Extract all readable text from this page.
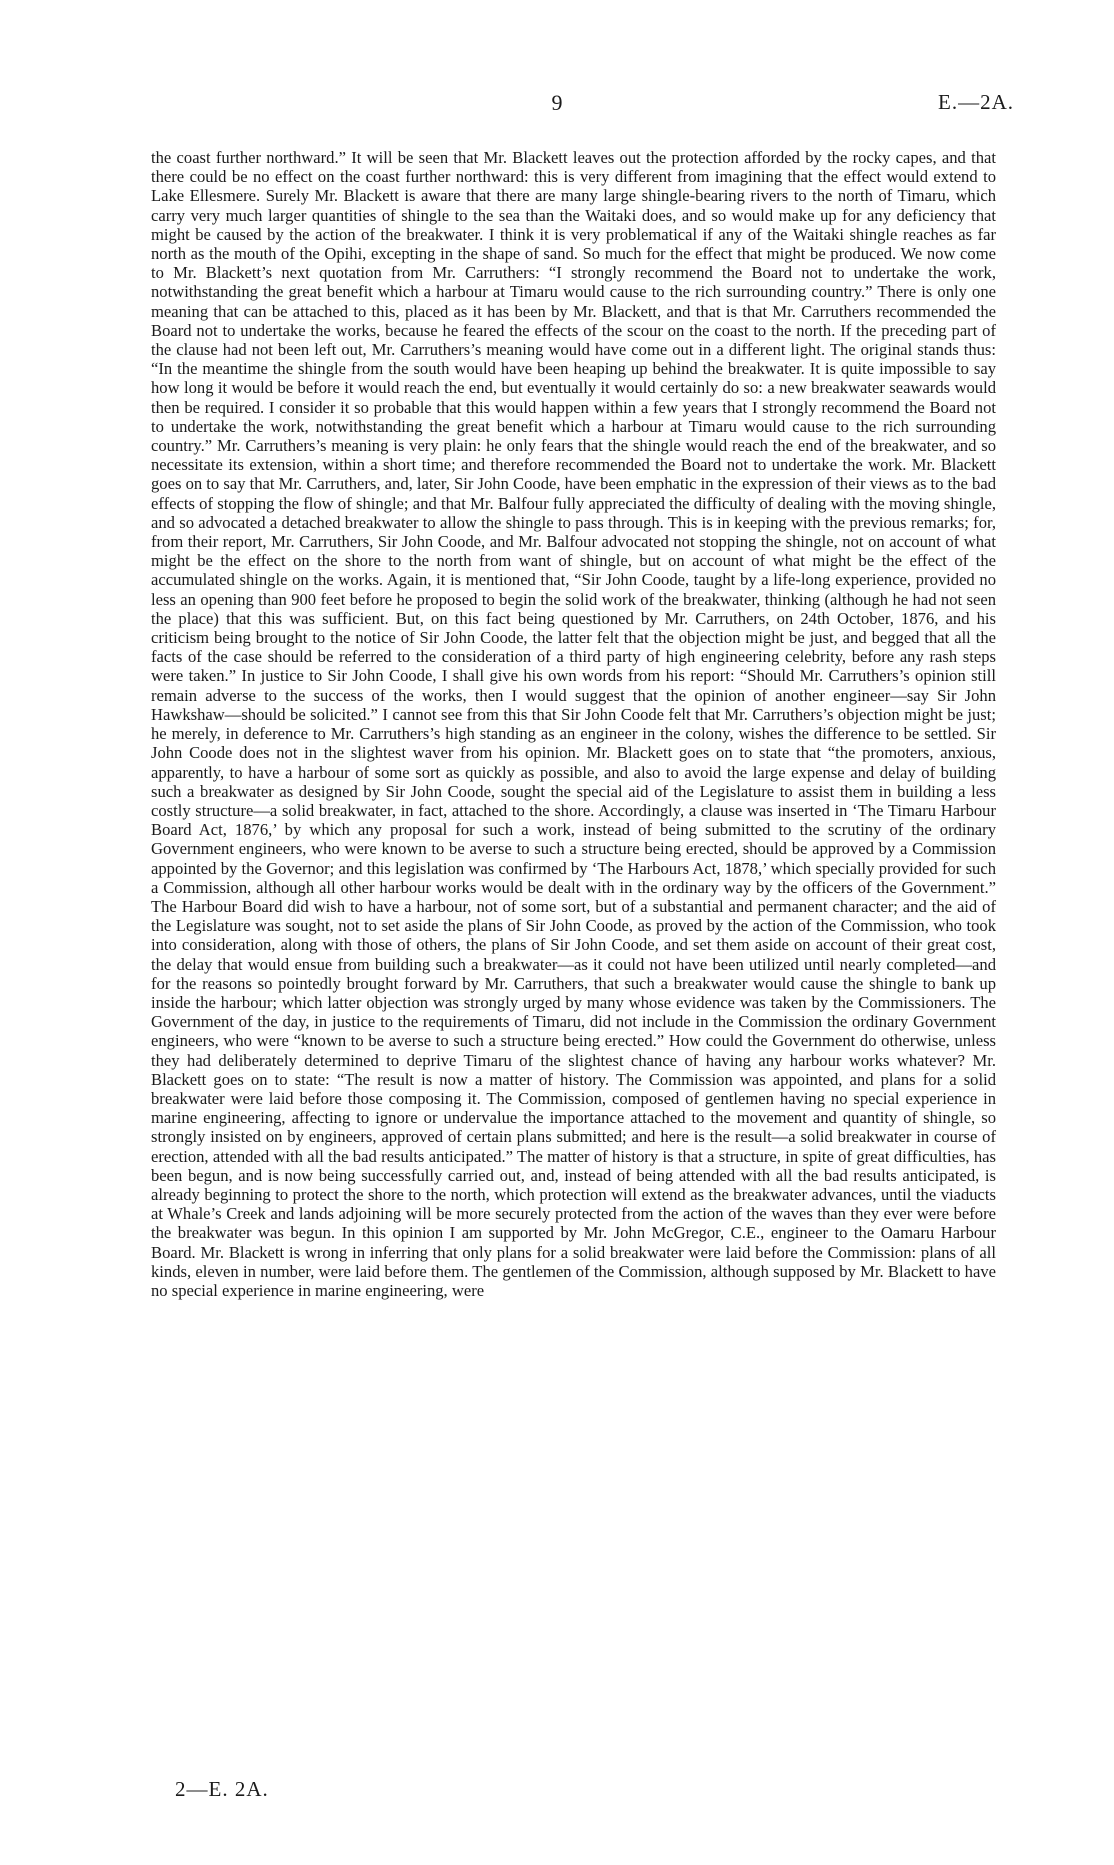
9	E.—2A.
the coast further northward.” It will be seen that Mr. Blackett leaves out the protection afforded by the rocky capes, and that there could be no effect on the coast further northward: this is very different from imagining that the effect would extend to Lake Ellesmere. Surely Mr. Blackett is aware that there are many large shingle-bearing rivers to the north of Timaru, which carry very much larger quantities of shingle to the sea than the Waitaki does, and so would make up for any deficiency that might be caused by the action of the breakwater. I think it is very problematical if any of the Waitaki shingle reaches as far north as the mouth of the Opihi, excepting in the shape of sand. So much for the effect that might be produced. We now come to Mr. Blackett’s next quotation from Mr. Carruthers: “I strongly recommend the Board not to undertake the work, notwithstanding the great benefit which a harbour at Timaru would cause to the rich surrounding country.” There is only one meaning that can be attached to this, placed as it has been by Mr. Blackett, and that is that Mr. Carruthers recommended the Board not to undertake the works, because he feared the effects of the scour on the coast to the north. If the preceding part of the clause had not been left out, Mr. Carruthers’s meaning would have come out in a different light. The original stands thus: “In the meantime the shingle from the south would have been heaping up behind the breakwater. It is quite impossible to say how long it would be before it would reach the end, but eventually it would certainly do so: a new breakwater seawards would then be required. I consider it so probable that this would happen within a few years that I strongly recommend the Board not to undertake the work, notwithstanding the great benefit which a harbour at Timaru would cause to the rich surrounding country.” Mr. Carruthers’s meaning is very plain: he only fears that the shingle would reach the end of the breakwater, and so necessitate its extension, within a short time; and therefore recommended the Board not to undertake the work. Mr. Blackett goes on to say that Mr. Carruthers, and, later, Sir John Coode, have been emphatic in the expression of their views as to the bad effects of stopping the flow of shingle; and that Mr. Balfour fully appreciated the difficulty of dealing with the moving shingle, and so advocated a detached breakwater to allow the shingle to pass through. This is in keeping with the previous remarks; for, from their report, Mr. Carruthers, Sir John Coode, and Mr. Balfour advocated not stopping the shingle, not on account of what might be the effect on the shore to the north from want of shingle, but on account of what might be the effect of the accumulated shingle on the works. Again, it is mentioned that, “Sir John Coode, taught by a life-long experience, provided no less an opening than 900 feet before he proposed to begin the solid work of the breakwater, thinking (although he had not seen the place) that this was sufficient. But, on this fact being questioned by Mr. Carruthers, on 24th October, 1876, and his criticism being brought to the notice of Sir John Coode, the latter felt that the objection might be just, and begged that all the facts of the case should be referred to the consideration of a third party of high engineering celebrity, before any rash steps were taken.” In justice to Sir John Coode, I shall give his own words from his report: “Should Mr. Carruthers’s opinion still remain adverse to the success of the works, then I would suggest that the opinion of another engineer—say Sir John Hawkshaw—should be solicited.” I cannot see from this that Sir John Coode felt that Mr. Carruthers’s objection might be just; he merely, in deference to Mr. Carruthers’s high standing as an engineer in the colony, wishes the difference to be settled. Sir John Coode does not in the slightest waver from his opinion. Mr. Blackett goes on to state that “the promoters, anxious, apparently, to have a harbour of some sort as quickly as possible, and also to avoid the large expense and delay of building such a breakwater as designed by Sir John Coode, sought the special aid of the Legislature to assist them in building a less costly structure—a solid breakwater, in fact, attached to the shore. Accordingly, a clause was inserted in ‘The Timaru Harbour Board Act, 1876,’ by which any proposal for such a work, instead of being submitted to the scrutiny of the ordinary Government engineers, who were known to be averse to such a structure being erected, should be approved by a Commission appointed by the Governor; and this legislation was confirmed by ‘The Harbours Act, 1878,’ which specially provided for such a Commission, although all other harbour works would be dealt with in the ordinary way by the officers of the Government.” The Harbour Board did wish to have a harbour, not of some sort, but of a substantial and permanent character; and the aid of the Legislature was sought, not to set aside the plans of Sir John Coode, as proved by the action of the Commission, who took into consideration, along with those of others, the plans of Sir John Coode, and set them aside on account of their great cost, the delay that would ensue from building such a breakwater—as it could not have been utilized until nearly completed—and for the reasons so pointedly brought forward by Mr. Carruthers, that such a breakwater would cause the shingle to bank up inside the harbour; which latter objection was strongly urged by many whose evidence was taken by the Commissioners. The Government of the day, in justice to the requirements of Timaru, did not include in the Commission the ordinary Government engineers, who were “known to be averse to such a structure being erected.” How could the Government do otherwise, unless they had deliberately determined to deprive Timaru of the slightest chance of having any harbour works whatever? Mr. Blackett goes on to state: “The result is now a matter of history. The Commission was appointed, and plans for a solid breakwater were laid before those composing it. The Commission, composed of gentlemen having no special experience in marine engineering, affecting to ignore or undervalue the importance attached to the movement and quantity of shingle, so strongly insisted on by engineers, approved of certain plans submitted; and here is the result—a solid breakwater in course of erection, attended with all the bad results anticipated.” The matter of history is that a structure, in spite of great difficulties, has been begun, and is now being successfully carried out, and, instead of being attended with all the bad results anticipated, is already beginning to protect the shore to the north, which protection will extend as the breakwater advances, until the viaducts at Whale’s Creek and lands adjoining will be more securely protected from the action of the waves than they ever were before the breakwater was begun. In this opinion I am supported by Mr. John McGregor, C.E., engineer to the Oamaru Harbour Board. Mr. Blackett is wrong in inferring that only plans for a solid breakwater were laid before the Commission: plans of all kinds, eleven in number, were laid before them. The gentlemen of the Commission, although supposed by Mr. Blackett to have no special experience in marine engineering, were
2—E. 2A.
